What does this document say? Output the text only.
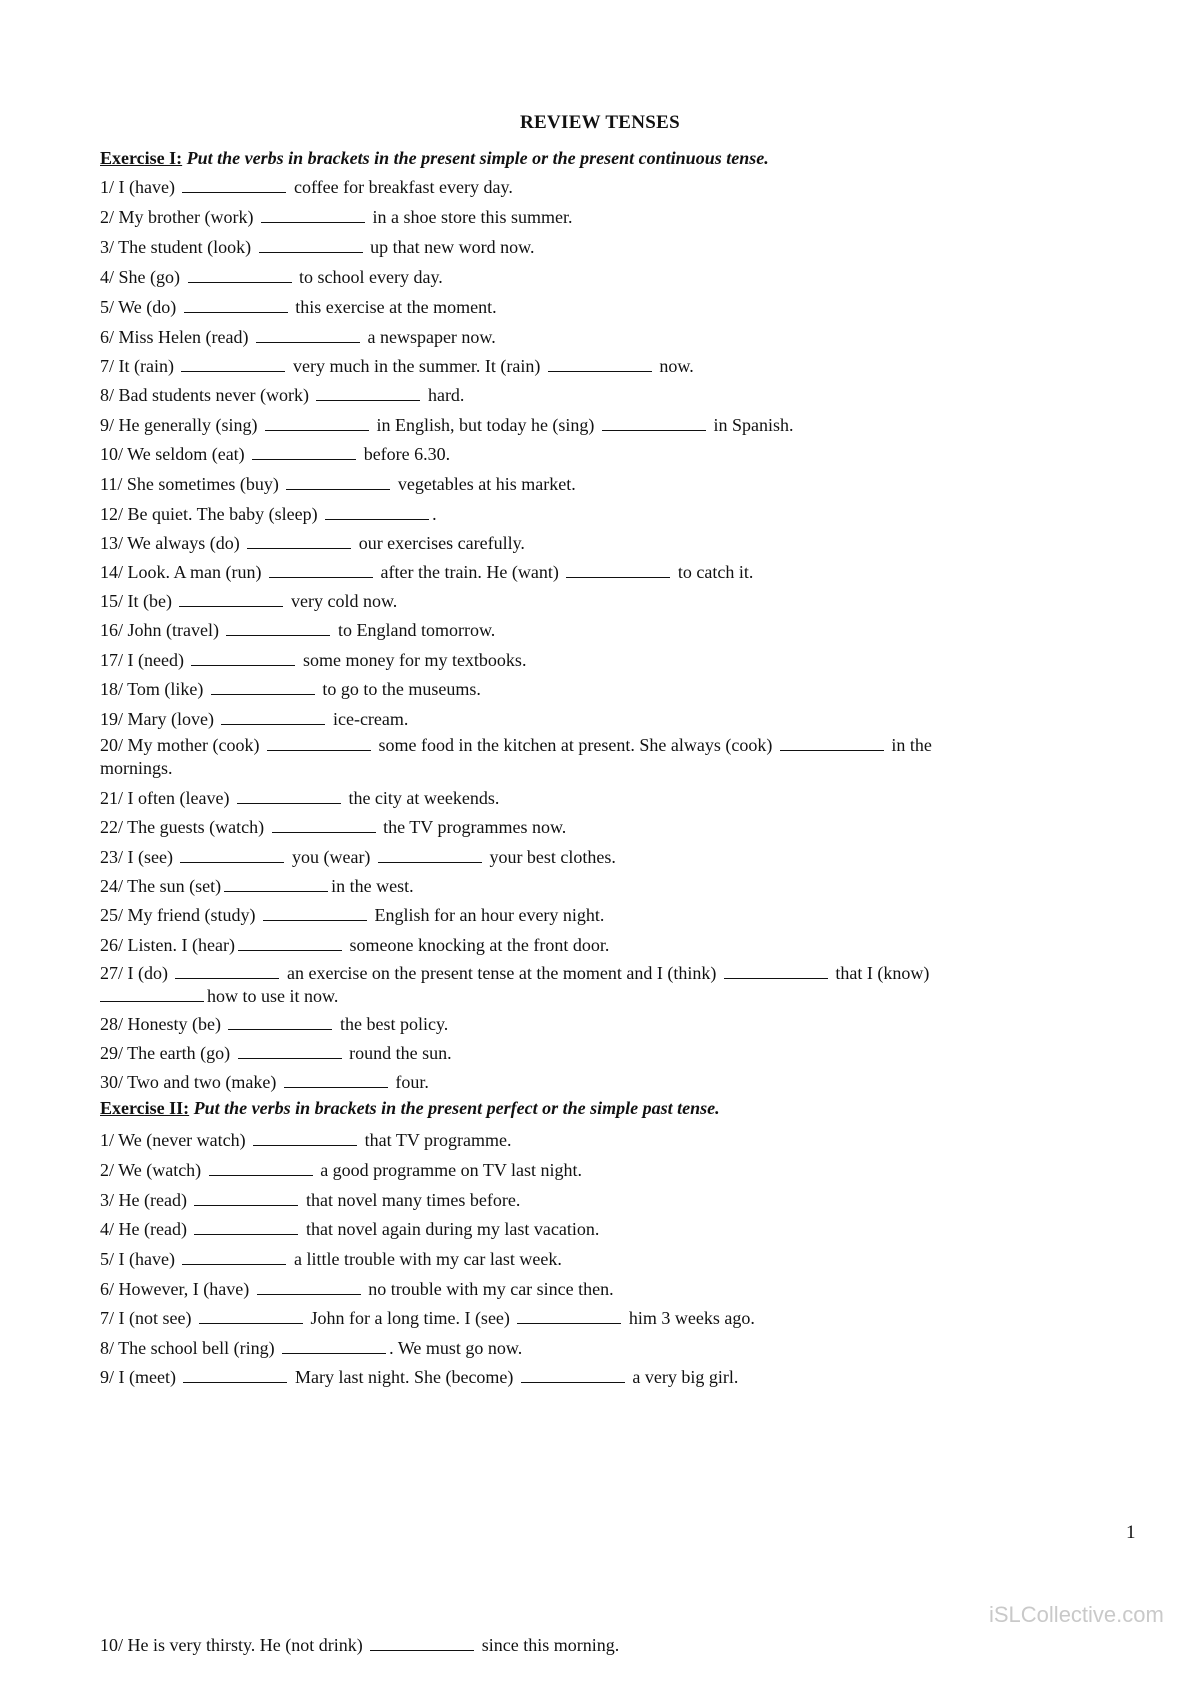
REVIEW TENSES
Exercise I: Put the verbs in brackets in the present simple or the present continuous tense.
1/ I (have)	coffee for breakfast every day.
2/ My brother (work)	in a shoe store this summer.
3/ The student (look)	up that new word now.
4/ She (go)	to school every day.
5/ We (do)	this exercise at the moment.
6/ Miss Helen (read)	a newspaper now.
7/ It (rain)	very much in the summer. It (rain)	now.
8/ Bad students never (work)	hard.
9/ He generally (sing)	in English, but today he (sing)	in Spanish.
10/ We seldom (eat)	before 6.30.
11/ She sometimes (buy)	vegetables at his market.
12/ Be quiet. The baby (sleep)	.
13/ We always (do)	our exercises carefully.
14/ Look. A man (run)	after the train. He (want)	to catch it.
15/ It (be)	very cold now.
16/ John (travel)	to England tomorrow.
17/ I (need)	some money for my textbooks.
18/ Tom (like)	to go to the museums.
19/ Mary (love)	ice-cream.
20/ My mother (cook)	some food in the kitchen at present. She always (cook)	in the
mornings.
21/ I often (leave)	the city at weekends.
22/ The guests (watch)	the TV programmes now.
23/ I (see)	you (wear)	your best clothes.
24/ The sun (set)	in the west.
25/ My friend (study)	English for an hour every night.
26/ Listen. I (hear)	someone knocking at the front door.
27/ I (do)	an exercise on the present tense at the moment and I (think)	that I (know)
how to use it now.
28/ Honesty (be)	the best policy.
29/ The earth (go)	round the sun.
30/ Two and two (make)	four.
Exercise II: Put the verbs in brackets in the present perfect or the simple past tense.
1/ We (never watch)	that TV programme.
2/ We (watch)	a good programme on TV last night.
3/ He (read)	that novel many times before.
4/ He (read)	that novel again during my last vacation.
5/ I (have)	a little trouble with my car last week.
6/ However, I (have)	no trouble with my car since then.
7/ I (not see)	John for a long time. I (see)	him 3 weeks ago.
8/ The school bell (ring)	. We must go now.
9/ I (meet)	Mary last night. She (become)	a very big girl.
10/ He is very thirsty. He (not drink)	since this morning.
1
iSLCollective.com
